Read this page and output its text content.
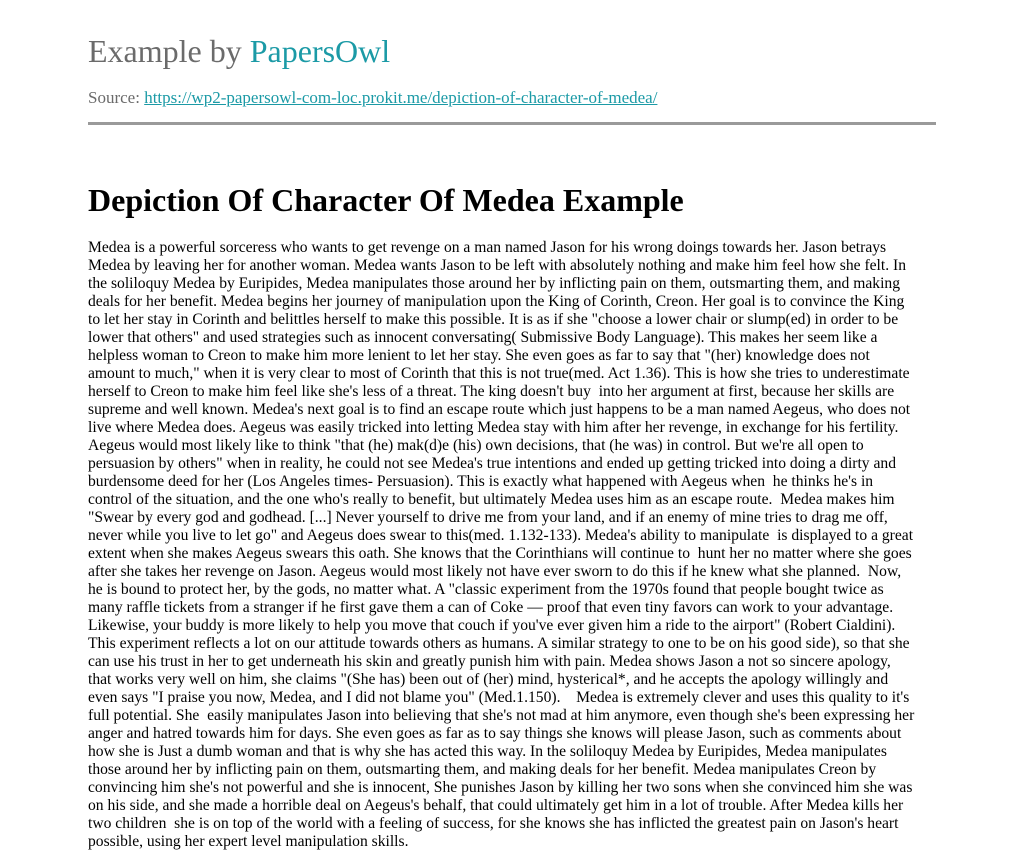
Example by PapersOwl
Source: https://wp2-papersowl-com-loc.prokit.me/depiction-of-character-of-medea/
Depiction Of Character Of Medea Example
Medea is a powerful sorceress who wants to get revenge on a man named Jason for his wrong doings towards her. Jason betrays
Medea by leaving her for another woman. Medea wants Jason to be left with absolutely nothing and make him feel how she felt. In
the soliloquy Medea by Euripides, Medea manipulates those around her by inflicting pain on them, outsmarting them, and making
deals for her benefit. Medea begins her journey of manipulation upon the King of Corinth, Creon. Her goal is to convince the King
to let her stay in Corinth and belittles herself to make this possible. It is as if she "choose a lower chair or slump(ed) in order to be
lower that others" and used strategies such as innocent conversating( Submissive Body Language). This makes her seem like a
helpless woman to Creon to make him more lenient to let her stay. She even goes as far to say that "(her) knowledge does not
amount to much," when it is very clear to most of Corinth that this is not true(med. Act 1.36). This is how she tries to underestimate
herself to Creon to make him feel like she's less of a threat. The king doesn't buy  into her argument at first, because her skills are
supreme and well known. Medea's next goal is to find an escape route which just happens to be a man named Aegeus, who does not
live where Medea does. Aegeus was easily tricked into letting Medea stay with him after her revenge, in exchange for his fertility.
Aegeus would most likely like to think "that (he) mak(d)e (his) own decisions, that (he was) in control. But we're all open to
persuasion by others" when in reality, he could not see Medea's true intentions and ended up getting tricked into doing a dirty and
burdensome deed for her (Los Angeles times- Persuasion). This is exactly what happened with Aegeus when  he thinks he's in
control of the situation, and the one who's really to benefit, but ultimately Medea uses him as an escape route.  Medea makes him
"Swear by every god and godhead. [...] Never yourself to drive me from your land, and if an enemy of mine tries to drag me off,
never while you live to let go" and Aegeus does swear to this(med. 1.132-133). Medea's ability to manipulate  is displayed to a great
extent when she makes Aegeus swears this oath. She knows that the Corinthians will continue to  hunt her no matter where she goes
after she takes her revenge on Jason. Aegeus would most likely not have ever sworn to do this if he knew what she planned.  Now,
he is bound to protect her, by the gods, no matter what. A "classic experiment from the 1970s found that people bought twice as
many raffle tickets from a stranger if he first gave them a can of Coke — proof that even tiny favors can work to your advantage.
Likewise, your buddy is more likely to help you move that couch if you've ever given him a ride to the airport" (Robert Cialdini).
This experiment reflects a lot on our attitude towards others as humans. A similar strategy to one to be on his good side), so that she
can use his trust in her to get underneath his skin and greatly punish him with pain. Medea shows Jason a not so sincere apology,
that works very well on him, she claims "(She has) been out of (her) mind, hysterical*, and he accepts the apology willingly and
even says "I praise you now, Medea, and I did not blame you" (Med.1.150).    Medea is extremely clever and uses this quality to it's
full potential. She  easily manipulates Jason into believing that she's not mad at him anymore, even though she's been expressing her
anger and hatred towards him for days. She even goes as far as to say things she knows will please Jason, such as comments about
how she is Just a dumb woman and that is why she has acted this way. In the soliloquy Medea by Euripides, Medea manipulates
those around her by inflicting pain on them, outsmarting them, and making deals for her benefit. Medea manipulates Creon by
convincing him she's not powerful and she is innocent, She punishes Jason by killing her two sons when she convinced him she was
on his side, and she made a horrible deal on Aegeus's behalf, that could ultimately get him in a lot of trouble. After Medea kills her
two children  she is on top of the world with a feeling of success, for she knows she has inflicted the greatest pain on Jason's heart
possible, using her expert level manipulation skills.
